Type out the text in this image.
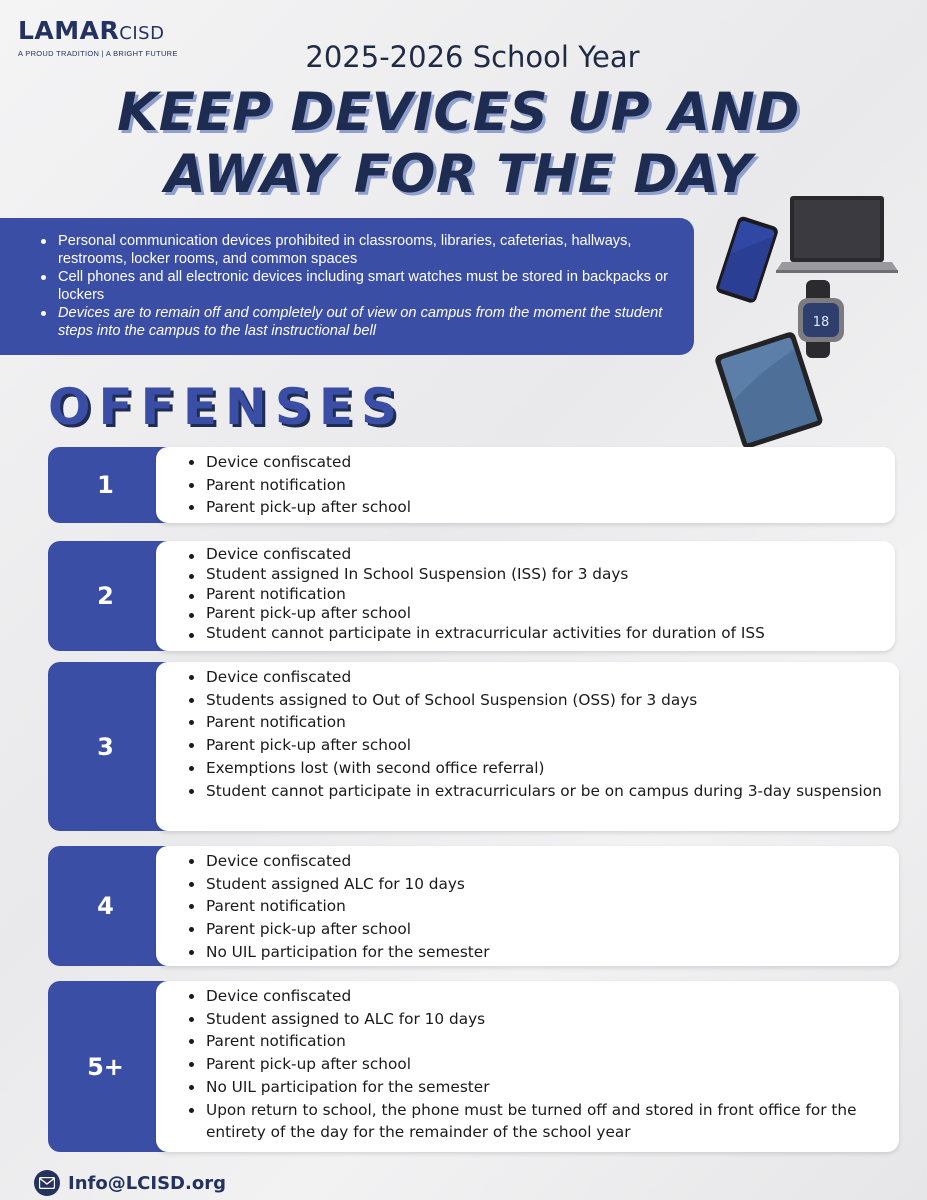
LAMARCISD
A PROUD TRADITION | A BRIGHT FUTURE	2025-2026 School Year
KEEP DEVICES UP AND
AWAY FOR THE DAY
Personal communication devices prohibited in classrooms, libraries, cafeterias, hallways, restrooms, locker rooms, and common spaces
Cell phones and all electronic devices including smart watches must be stored in backpacks or lockers
Devices are to remain off and completely out of view on campus from the moment the student steps into the campus to the last instructional bell
18
OFFENSES
1
Device confiscated
Parent notification
Parent pick-up after school
2
Device confiscated
Student assigned In School Suspension (ISS) for 3 days
Parent notification
Parent pick-up after school
Student cannot participate in extracurricular activities for duration of ISS
3
Device confiscated
Students assigned to Out of School Suspension (OSS) for 3 days
Parent notification
Parent pick-up after school
Exemptions lost (with second office referral)
Student cannot participate in extracurriculars or be on campus during 3-day suspension
4
Device confiscated
Student assigned ALC for 10 days
Parent notification
Parent pick-up after school
No UIL participation for the semester
5+
Device confiscated
Student assigned to ALC for 10 days
Parent notification
Parent pick-up after school
No UIL participation for the semester
Upon return to school, the phone must be turned off and stored in front office for the entirety of the day for the remainder of the school year
Info@LCISD.org
